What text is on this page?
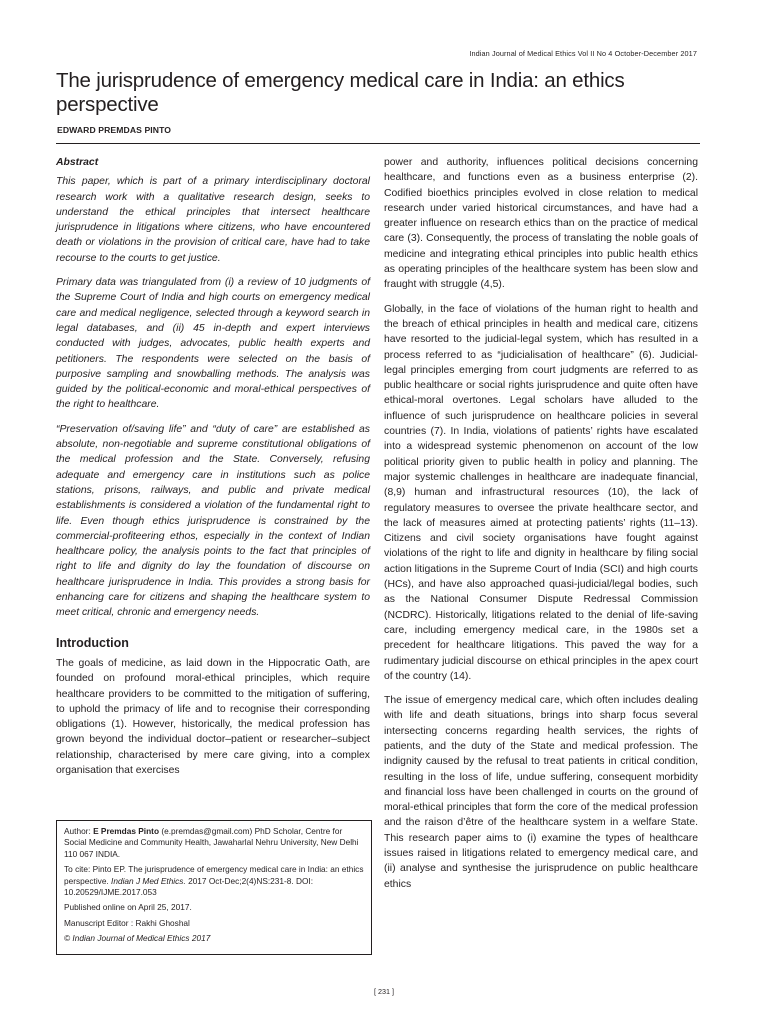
Indian Journal of Medical Ethics Vol II No 4 October-December 2017
The jurisprudence of emergency medical care in India: an ethics perspective
EDWARD PREMDAS PINTO
Abstract

This paper, which is part of a primary interdisciplinary doctoral research work with a qualitative research design, seeks to understand the ethical principles that intersect healthcare jurisprudence in litigations where citizens, who have encountered death or violations in the provision of critical care, have had to take recourse to the courts to get justice.

Primary data was triangulated from (i) a review of 10 judgments of the Supreme Court of India and high courts on emergency medical care and medical negligence, selected through a keyword search in legal databases, and (ii) 45 in-depth and expert interviews conducted with judges, advocates, public health experts and petitioners. The respondents were selected on the basis of purposive sampling and snowballing methods. The analysis was guided by the political-economic and moral-ethical perspectives of the right to healthcare.

“Preservation of/saving life” and “duty of care” are established as absolute, non-negotiable and supreme constitutional obligations of the medical profession and the State. Conversely, refusing adequate and emergency care in institutions such as police stations, prisons, railways, and public and private medical establishments is considered a violation of the fundamental right to life. Even though ethics jurisprudence is constrained by the commercial-profiteering ethos, especially in the context of Indian healthcare policy, the analysis points to the fact that principles of right to life and dignity do lay the foundation of discourse on healthcare jurisprudence in India. This provides a strong basis for enhancing care for citizens and shaping the healthcare system to meet critical, chronic and emergency needs.

Introduction

The goals of medicine, as laid down in the Hippocratic Oath, are founded on profound moral-ethical principles, which require healthcare providers to be committed to the mitigation of suffering, to uphold the primacy of life and to recognise their corresponding obligations (1). However, historically, the medical profession has grown beyond the individual doctor–patient or researcher–subject relationship, characterised by mere care giving, into a complex organisation that exercises

power and authority, influences political decisions concerning healthcare, and functions even as a business enterprise (2). Codified bioethics principles evolved in close relation to medical research under varied historical circumstances, and have had a greater influence on research ethics than on the practice of medical care (3). Consequently, the process of translating the noble goals of medicine and integrating ethical principles into public health ethics as operating principles of the healthcare system has been slow and fraught with struggle (4,5).

Globally, in the face of violations of the human right to health and the breach of ethical principles in health and medical care, citizens have resorted to the judicial-legal system, which has resulted in a process referred to as “judicialisation of healthcare” (6). Judicial-legal principles emerging from court judgments are referred to as public healthcare or social rights jurisprudence and quite often have ethical-moral overtones. Legal scholars have alluded to the influence of such jurisprudence on healthcare policies in several countries (7). In India, violations of patients’ rights have escalated into a widespread systemic phenomenon on account of the low political priority given to public health in policy and planning. The major systemic challenges in healthcare are inadequate financial, (8,9) human and infrastructural resources (10), the lack of regulatory measures to oversee the private healthcare sector, and the lack of measures aimed at protecting patients’ rights (11–13). Citizens and civil society organisations have fought against violations of the right to life and dignity in healthcare by filing social action litigations in the Supreme Court of India (SCI) and high courts (HCs), and have also approached quasi-judicial/legal bodies, such as the National Consumer Dispute Redressal Commission (NCDRC). Historically, litigations related to the denial of life-saving care, including emergency medical care, in the 1980s set a precedent for healthcare litigations. This paved the way for a rudimentary judicial discourse on ethical principles in the apex court of the country (14).

The issue of emergency medical care, which often includes dealing with life and death situations, brings into sharp focus several intersecting concerns regarding health services, the rights of patients, and the duty of the State and medical profession. The indignity caused by the refusal to treat patients in critical condition, resulting in the loss of life, undue suffering, consequent morbidity and financial loss have been challenged in courts on the ground of moral-ethical principles that form the core of the medical profession and the raison d’être of the healthcare system in a welfare State. This research paper aims to (i) examine the types of healthcare issues raised in litigations related to emergency medical care, and (ii) analyse and synthesise the jurisprudence on public healthcare ethics

Author: E Premdas Pinto (e.premdas@gmail.com) PhD Scholar, Centre for Social Medicine and Community Health, Jawaharlal Nehru University, New Delhi 110 067 INDIA.

To cite: Pinto EP. The jurisprudence of emergency medical care in India: an ethics perspective. Indian J Med Ethics. 2017 Oct-Dec;2(4)NS:231-8. DOI: 10.20529/IJME.2017.053

Published online on April 25, 2017.

Manuscript Editor : Rakhi Ghoshal

© Indian Journal of Medical Ethics 2017

[ 231 ]
